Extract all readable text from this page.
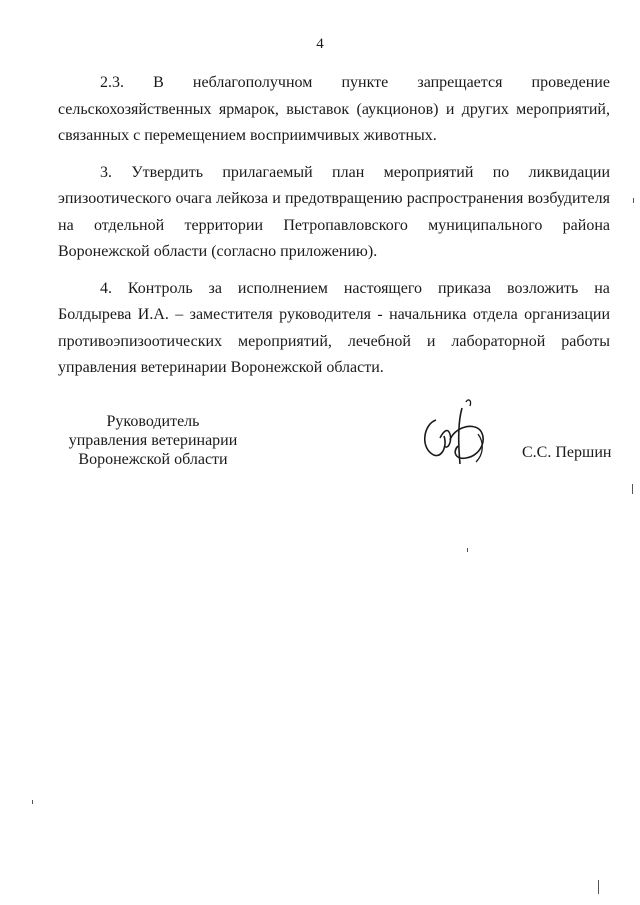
4
2.3. В неблагополучном пункте запрещается проведение
сельскохозяйственных ярмарок, выставок (аукционов) и других мероприятий, связанных с перемещением восприимчивых животных.

3. Утвердить прилагаемый план мероприятий по ликвидации эпизоотического очага лейкоза и предотвращению распространения возбудителя на отдельной территории Петропавловского муниципального района Воронежской области (согласно приложению).

4. Контроль за исполнением настоящего приказа возложить на
Болдырева И.А. – заместителя руководителя - начальника отдела организации противоэпизоотических мероприятий, лечебной и лабораторной работы управления ветеринарии Воронежской области.
Руководитель
управления ветеринарии
Воронежской области	С.С. Першин
